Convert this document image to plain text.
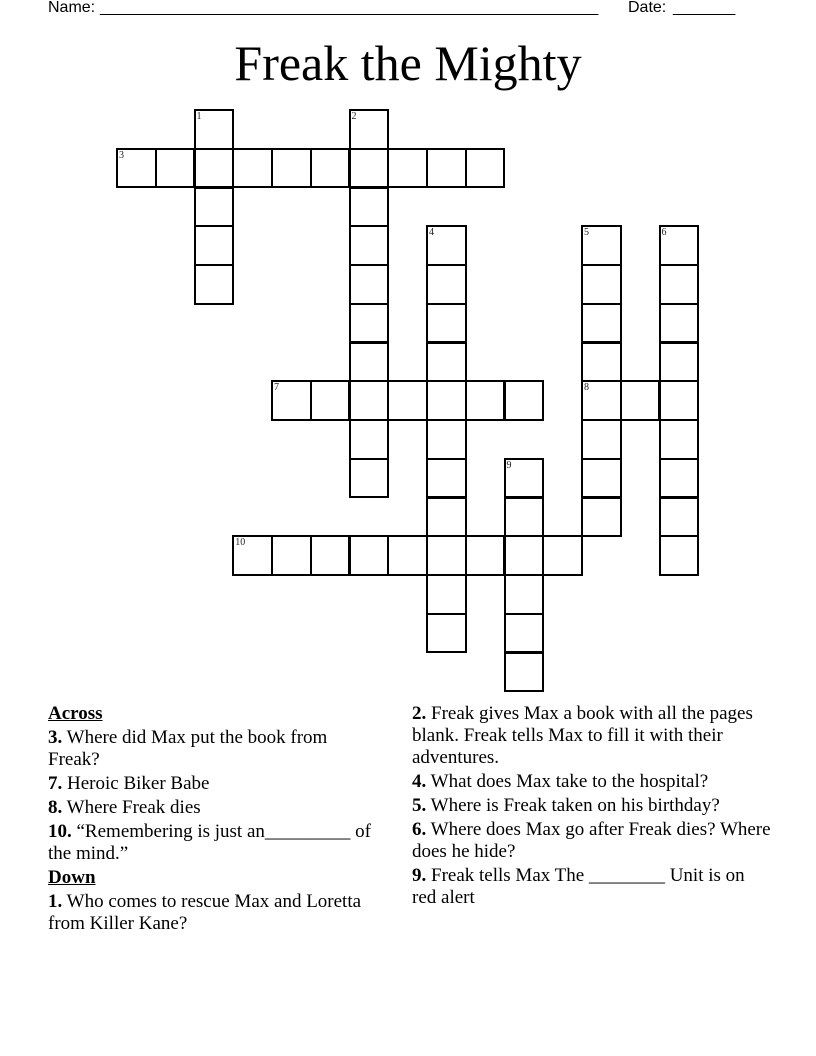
Name: ________________________________________________________ Date: _______
Freak the Mighty
1	2
3
4	5
8
6
7
9
10
Across
3. Where did Max put the book from Freak?
7. Heroic Biker Babe
8. Where Freak dies
10. “Remembering is just an_________ of the mind.”
Down
1. Who comes to rescue Max and Loretta from Killer Kane?
2. Freak gives Max a book with all the pages blank. Freak tells Max to fill it with their adventures.
4. What does Max take to the hospital?
5. Where is Freak taken on his birthday?
6. Where does Max go after Freak dies? Where does he hide?
9. Freak tells Max The ________ Unit is on red alert
